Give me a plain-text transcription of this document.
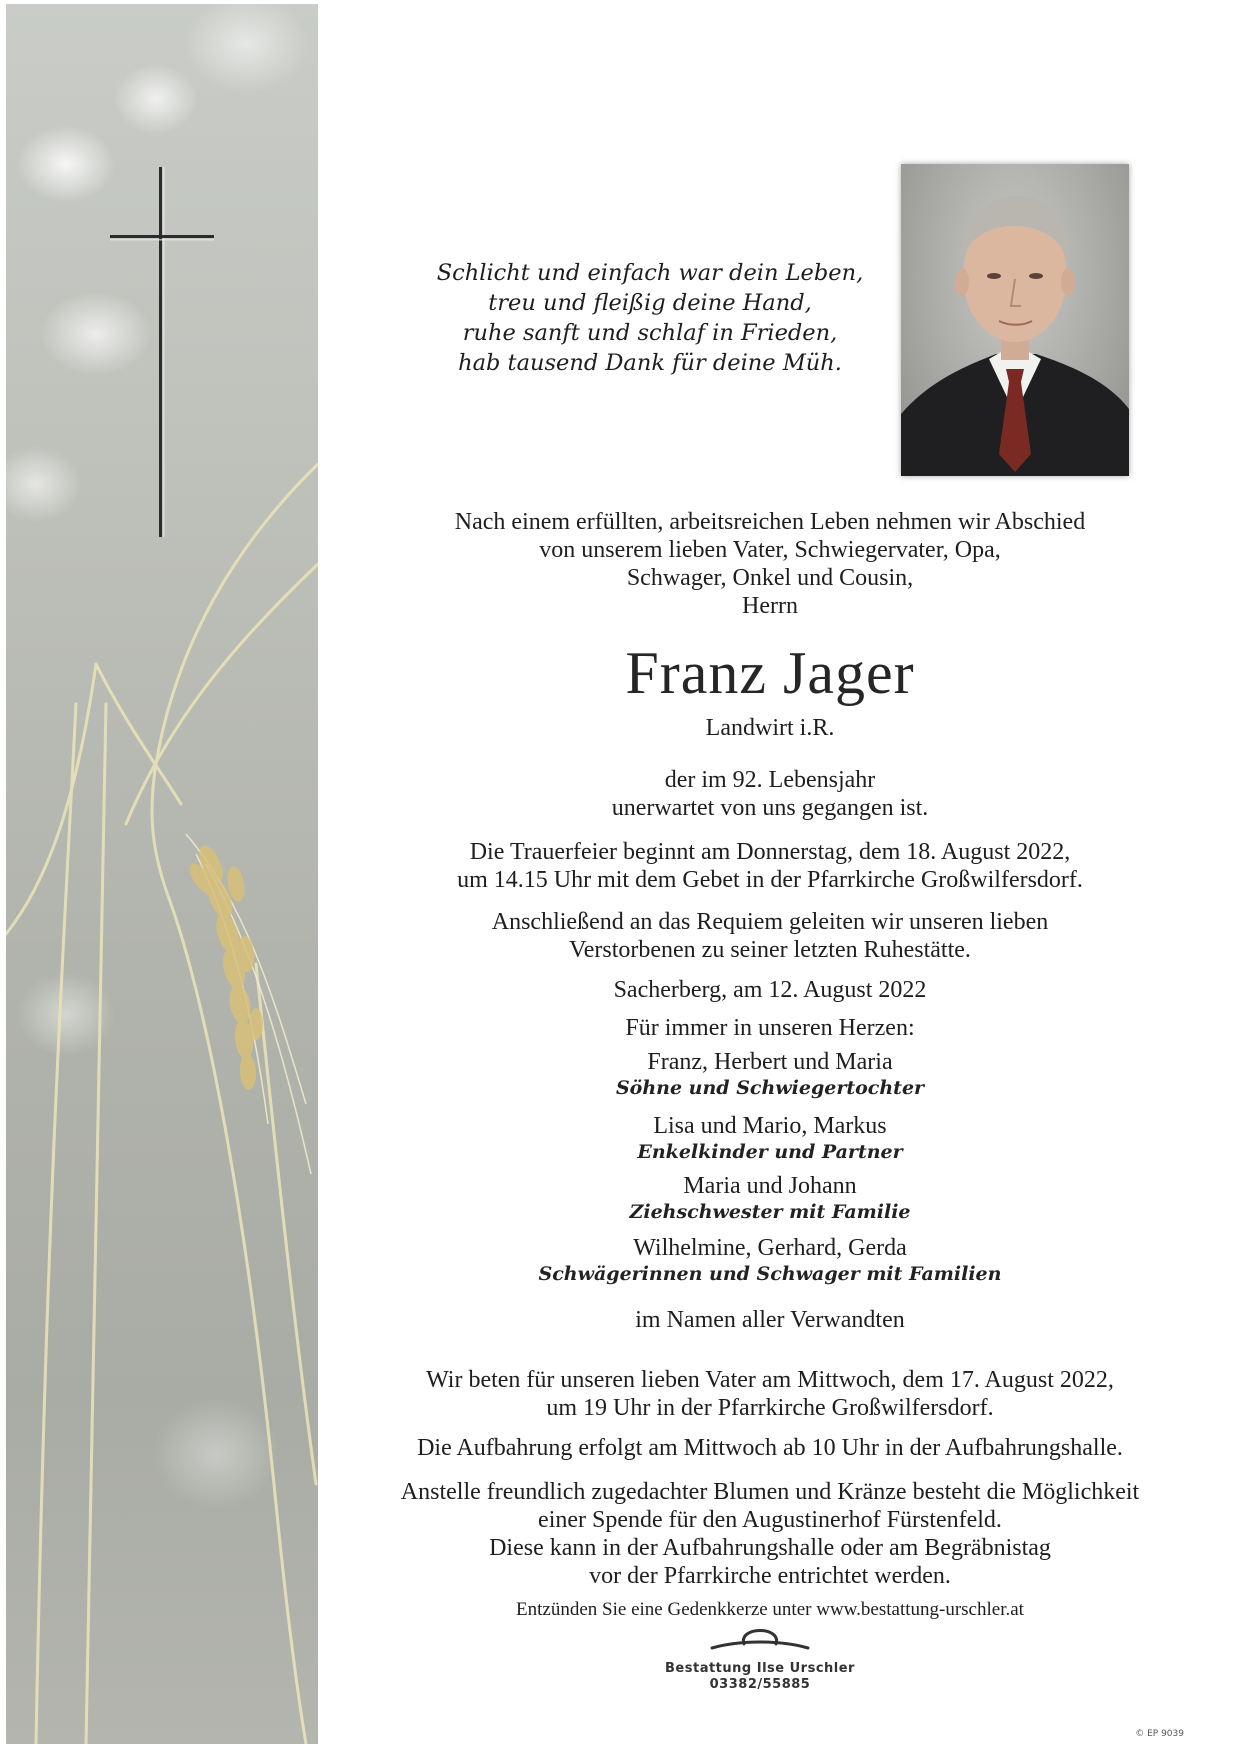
Schlicht und einfach war dein Leben,
treu und fleißig deine Hand,
ruhe sanft und schlaf in Frieden,
hab tausend Dank für deine Müh.
Nach einem erfüllten, arbeitsreichen Leben nehmen wir Abschied
von unserem lieben Vater, Schwiegervater, Opa,
Schwager, Onkel und Cousin,
Herrn
Franz Jager
Landwirt i.R.
der im 92. Lebensjahr
unerwartet von uns gegangen ist.
Die Trauerfeier beginnt am Donnerstag, dem 18. August 2022,
um 14.15 Uhr mit dem Gebet in der Pfarrkirche Großwilfersdorf.
Anschließend an das Requiem geleiten wir unseren lieben
Verstorbenen zu seiner letzten Ruhestätte.
Sacherberg, am 12. August 2022
Für immer in unseren Herzen:
Franz, Herbert und Maria
Söhne und Schwiegertochter
Lisa und Mario, Markus
Enkelkinder und Partner
Maria und Johann
Ziehschwester mit Familie
Wilhelmine, Gerhard, Gerda
Schwägerinnen und Schwager mit Familien
im Namen aller Verwandten
Wir beten für unseren lieben Vater am Mittwoch, dem 17. August 2022,
um 19 Uhr in der Pfarrkirche Großwilfersdorf.
Die Aufbahrung erfolgt am Mittwoch ab 10 Uhr in der Aufbahrungshalle.
Anstelle freundlich zugedachter Blumen und Kränze besteht die Möglichkeit
einer Spende für den Augustinerhof Fürstenfeld.
Diese kann in der Aufbahrungshalle oder am Begräbnistag
vor der Pfarrkirche entrichtet werden.
Entzünden Sie eine Gedenkkerze unter www.bestattung-urschler.at
Bestattung Ilse Urschler
03382/55885
© EP 9039
